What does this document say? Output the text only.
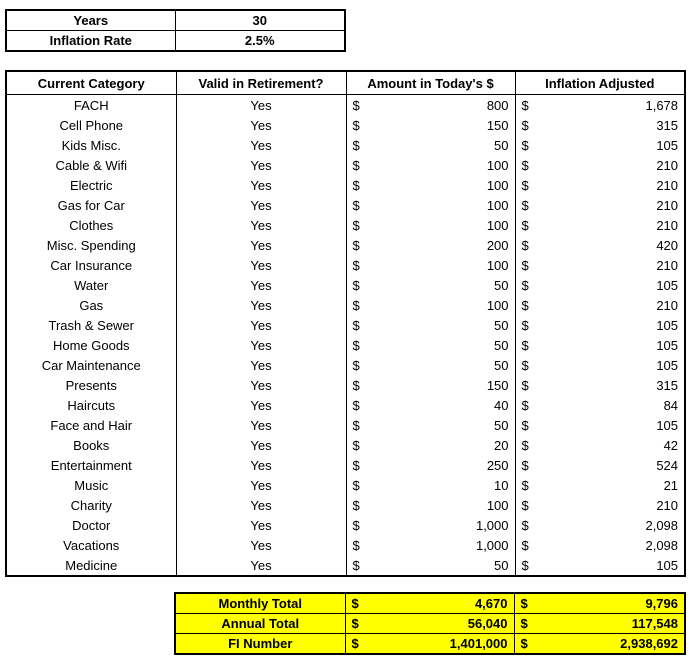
Years	30
Inflation Rate	2.5%
Current Category	Valid in Retirement?	Amount in Today's $		Inflation Adjusted	
FACH	Yes	$	800	$	1,678
Cell Phone	Yes	$	150	$	315
Kids Misc.	Yes	$	50	$	105
Cable & Wifi	Yes	$	100	$	210
Electric	Yes	$	100	$	210
Gas for Car	Yes	$	100	$	210
Clothes	Yes	$	100	$	210
Misc. Spending	Yes	$	200	$	420
Car Insurance	Yes	$	100	$	210
Water	Yes	$	50	$	105
Gas	Yes	$	100	$	210
Trash & Sewer	Yes	$	50	$	105
Home Goods	Yes	$	50	$	105
Car Maintenance	Yes	$	50	$	105
Presents	Yes	$	150	$	315
Haircuts	Yes	$	40	$	84
Face and Hair	Yes	$	50	$	105
Books	Yes	$	20	$	42
Entertainment	Yes	$	250	$	524
Music	Yes	$	10	$	21
Charity	Yes	$	100	$	210
Doctor	Yes	$	1,000	$	2,098
Vacations	Yes	$	1,000	$	2,098
Medicine	Yes	$	50	$	105
Monthly Total	$	4,670	$	9,796
Annual Total	$	56,040	$	117,548
FI Number	$	1,401,000	$	2,938,692
